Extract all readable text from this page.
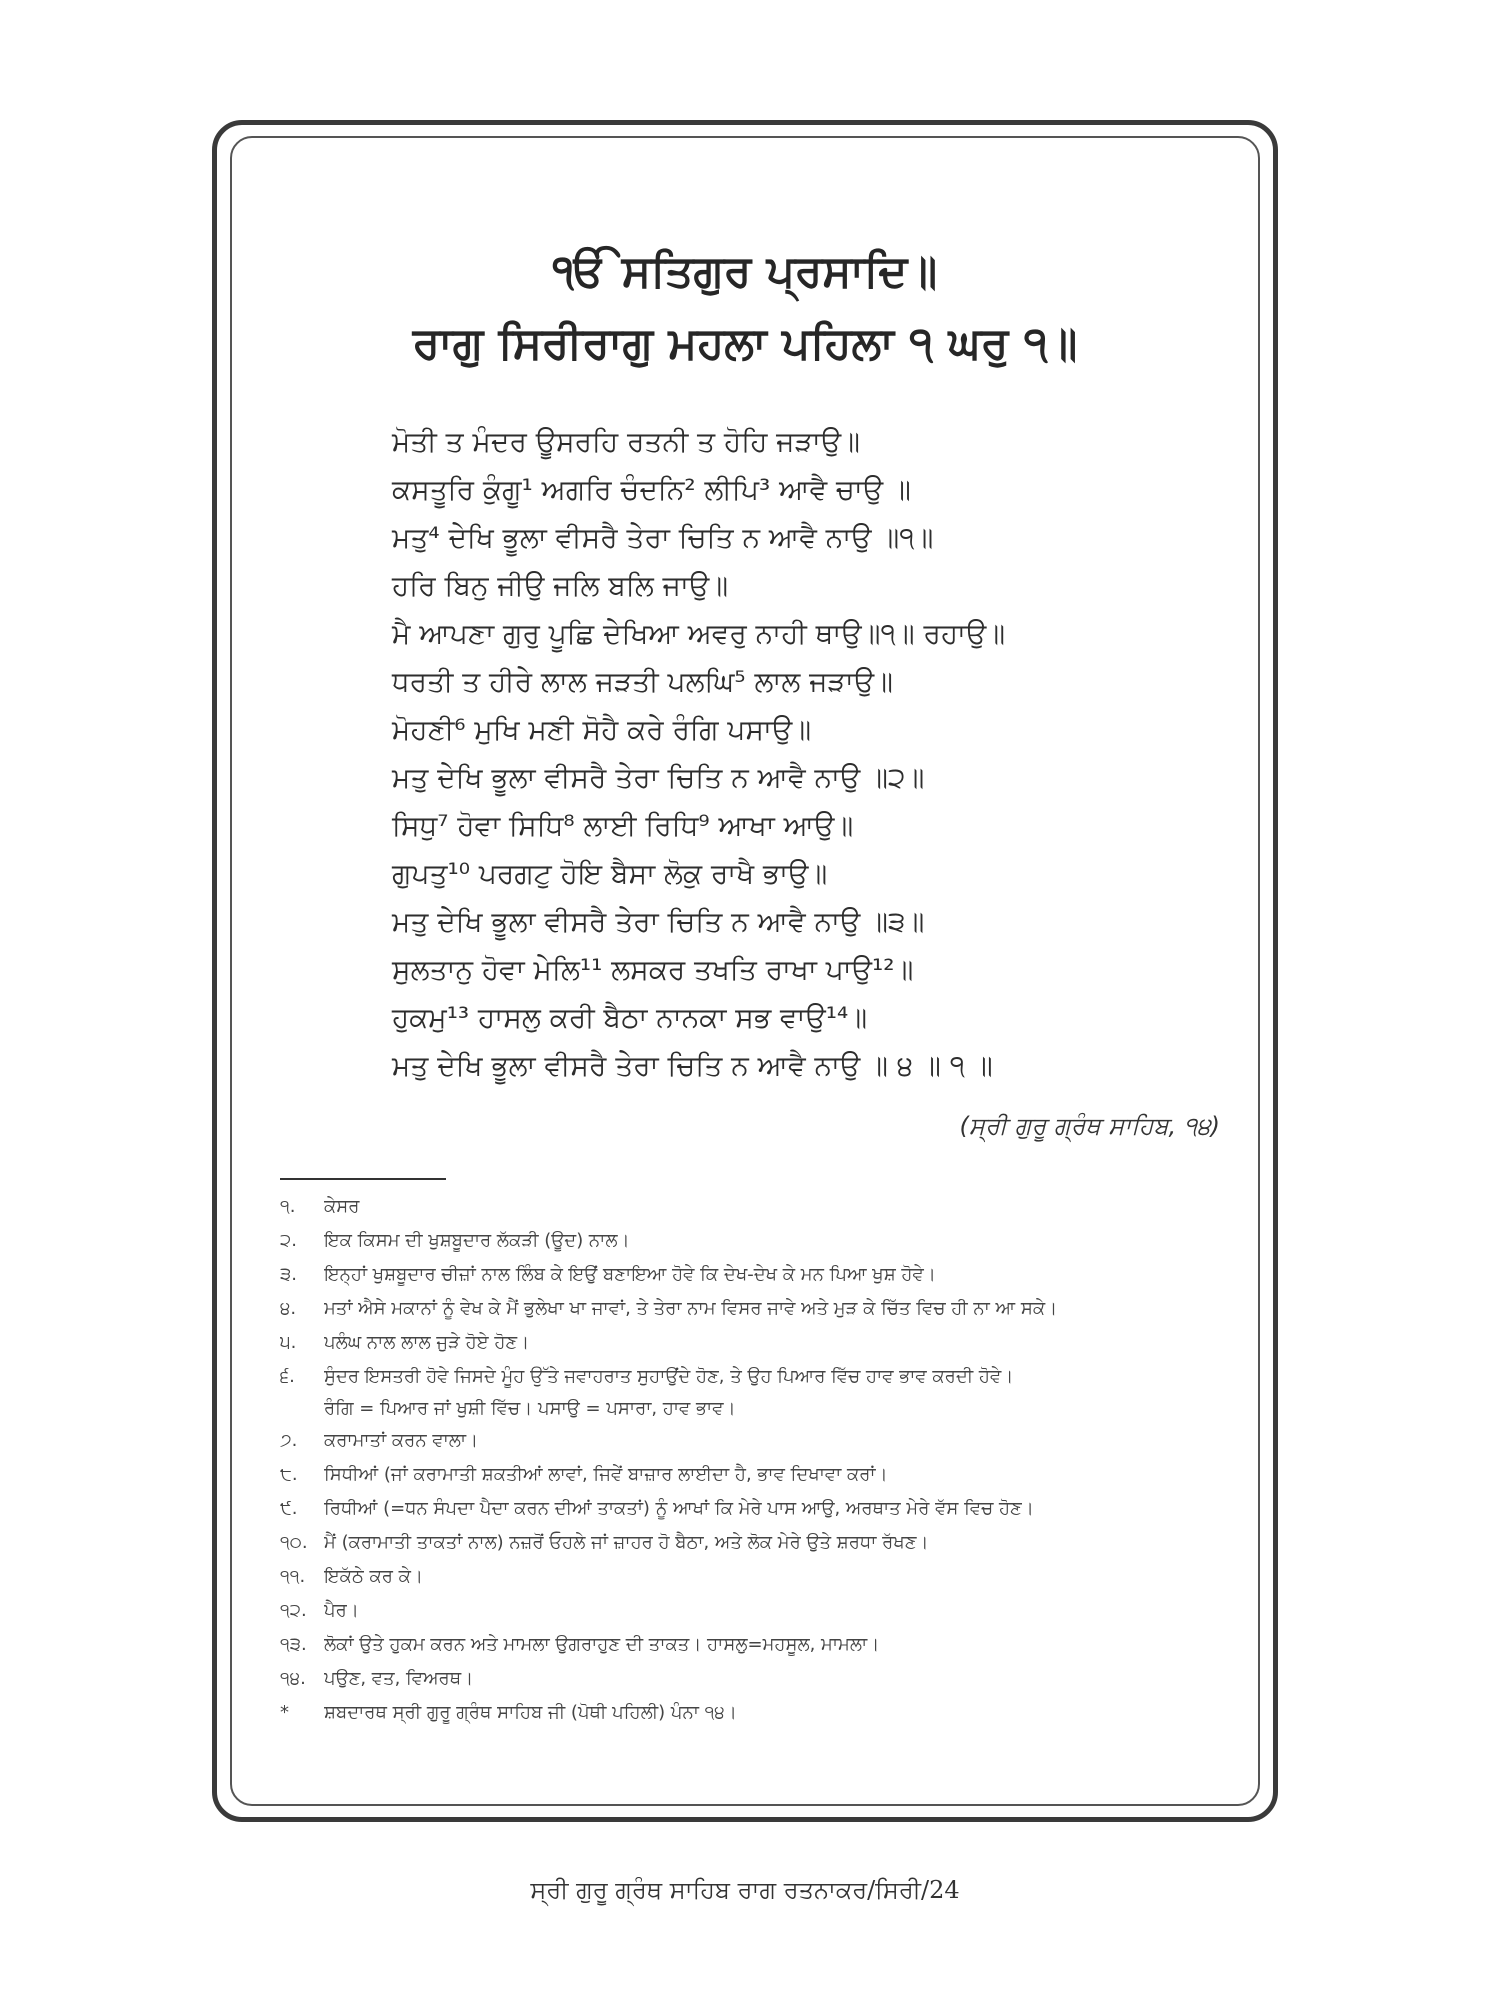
ੴ ਸਤਿਗੁਰ ਪ੍ਰਸਾਦਿ॥
ਰਾਗੁ ਸਿਰੀਰਾਗੁ ਮਹਲਾ ਪਹਿਲਾ ੧ ਘਰੁ ੧॥
ਮੋਤੀ ਤ ਮੰਦਰ ਊਸਰਹਿ ਰਤਨੀ ਤ ਹੋਹਿ ਜੜਾਉ॥
ਕਸਤੂਰਿ ਕੁੰਗੂ¹ ਅਗਰਿ ਚੰਦਨਿ² ਲੀਪਿ³ ਆਵੈ ਚਾਉ ॥
ਮਤੁ⁴ ਦੇਖਿ ਭੂਲਾ ਵੀਸਰੈ ਤੇਰਾ ਚਿਤਿ ਨ ਆਵੈ ਨਾਉ ॥੧॥
ਹਰਿ ਬਿਨੁ ਜੀਉ ਜਲਿ ਬਲਿ ਜਾਉ॥
ਮੈ ਆਪਣਾ ਗੁਰੁ ਪੂਛਿ ਦੇਖਿਆ ਅਵਰੁ ਨਾਹੀ ਥਾਉ॥੧॥ ਰਹਾਉ॥
ਧਰਤੀ ਤ ਹੀਰੇ ਲਾਲ ਜੜਤੀ ਪਲਘਿ⁵ ਲਾਲ ਜੜਾਉ॥
ਮੋਹਣੀ⁶ ਮੁਖਿ ਮਣੀ ਸੋਹੈ ਕਰੇ ਰੰਗਿ ਪਸਾਉ॥
ਮਤੁ ਦੇਖਿ ਭੂਲਾ ਵੀਸਰੈ ਤੇਰਾ ਚਿਤਿ ਨ ਆਵੈ ਨਾਉ ॥੨॥
ਸਿਧੁ⁷ ਹੋਵਾ ਸਿਧਿ⁸ ਲਾਈ ਰਿਧਿ⁹ ਆਖਾ ਆਉ॥
ਗੁਪਤੁ¹⁰ ਪਰਗਟੁ ਹੋਇ ਬੈਸਾ ਲੋਕੁ ਰਾਖੈ ਭਾਉ॥
ਮਤੁ ਦੇਖਿ ਭੂਲਾ ਵੀਸਰੈ ਤੇਰਾ ਚਿਤਿ ਨ ਆਵੈ ਨਾਉ ॥੩॥
ਸੁਲਤਾਨੁ ਹੋਵਾ ਮੇਲਿ¹¹ ਲਸਕਰ ਤਖਤਿ ਰਾਖਾ ਪਾਉ¹²॥
ਹੁਕਮੁ¹³ ਹਾਸਲੁ ਕਰੀ ਬੈਠਾ ਨਾਨਕਾ ਸਭ ਵਾਉ¹⁴॥
ਮਤੁ ਦੇਖਿ ਭੂਲਾ ਵੀਸਰੈ ਤੇਰਾ ਚਿਤਿ ਨ ਆਵੈ ਨਾਉ ॥ ੪ ॥ ੧ ॥
(ਸ੍ਰੀ ਗੁਰੂ ਗ੍ਰੰਥ ਸਾਹਿਬ, ੧੪)
੧.	ਕੇਸਰ
੨.	ਇਕ ਕਿਸਮ ਦੀ ਖੁਸ਼ਬੂਦਾਰ ਲੱਕੜੀ (ਊਦ) ਨਾਲ।
੩.	ਇਨ੍ਹਾਂ ਖੁਸ਼ਬੂਦਾਰ ਚੀਜ਼ਾਂ ਨਾਲ ਲਿੰਬ ਕੇ ਇਉਂ ਬਣਾਇਆ ਹੋਵੇ ਕਿ ਦੇਖ-ਦੇਖ ਕੇ ਮਨ ਪਿਆ ਖੁਸ਼ ਹੋਵੇ।
੪.	ਮਤਾਂ ਐਸੇ ਮਕਾਨਾਂ ਨੂੰ ਵੇਖ ਕੇ ਮੈਂ ਭੁਲੇਖਾ ਖਾ ਜਾਵਾਂ, ਤੇ ਤੇਰਾ ਨਾਮ ਵਿਸਰ ਜਾਵੇ ਅਤੇ ਮੁੜ ਕੇ ਚਿੱਤ ਵਿਚ ਹੀ ਨਾ ਆ ਸਕੇ।
੫.	ਪਲੰਘ ਨਾਲ ਲਾਲ ਜੁੜੇ ਹੋਏ ਹੋਣ।
੬.	ਸੁੰਦਰ ਇਸਤਰੀ ਹੋਵੇ ਜਿਸਦੇ ਮੂੰਹ ਉੱਤੇ ਜਵਾਹਰਾਤ ਸੁਹਾਉਂਦੇ ਹੋਣ, ਤੇ ਉਹ ਪਿਆਰ ਵਿੱਚ ਹਾਵ ਭਾਵ ਕਰਦੀ ਹੋਵੇ।
ਰੰਗਿ = ਪਿਆਰ ਜਾਂ ਖੁਸ਼ੀ ਵਿੱਚ। ਪਸਾਉ = ਪਸਾਰਾ, ਹਾਵ ਭਾਵ।
੭.	ਕਰਾਮਾਤਾਂ ਕਰਨ ਵਾਲਾ।
੮.	ਸਿਧੀਆਂ (ਜਾਂ ਕਰਾਮਾਤੀ ਸ਼ਕਤੀਆਂ ਲਾਵਾਂ, ਜਿਵੇਂ ਬਾਜ਼ਾਰ ਲਾਈਦਾ ਹੈ, ਭਾਵ ਦਿਖਾਵਾ ਕਰਾਂ।
੯.	ਰਿਧੀਆਂ (=ਧਨ ਸੰਪਦਾ ਪੈਦਾ ਕਰਨ ਦੀਆਂ ਤਾਕਤਾਂ) ਨੂੰ ਆਖਾਂ ਕਿ ਮੇਰੇ ਪਾਸ ਆਉ, ਅਰਥਾਤ ਮੇਰੇ ਵੱਸ ਵਿਚ ਹੋਣ।
੧੦. ਮੈਂ (ਕਰਾਮਾਤੀ ਤਾਕਤਾਂ ਨਾਲ) ਨਜ਼ਰੋਂ ਓਹਲੇ ਜਾਂ ਜ਼ਾਹਰ ਹੋ ਬੈਠਾ, ਅਤੇ ਲੋਕ ਮੇਰੇ ਉਤੇ ਸ਼ਰਧਾ ਰੱਖਣ।
੧੧.	ਇਕੱਠੇ ਕਰ ਕੇ।
੧੨. ਪੈਰ।
੧੩. ਲੋਕਾਂ ਉਤੇ ਹੁਕਮ ਕਰਨ ਅਤੇ ਮਾਮਲਾ ਉਗਰਾਹੁਣ ਦੀ ਤਾਕਤ। ਹਾਸਲੁ=ਮਹਸੂਲ, ਮਾਮਲਾ।
੧੪.	ਪਉਣ, ਵਤ, ਵਿਅਰਥ।
*	ਸ਼ਬਦਾਰਥ ਸ੍ਰੀ ਗੁਰੂ ਗ੍ਰੰਥ ਸਾਹਿਬ ਜੀ (ਪੋਥੀ ਪਹਿਲੀ) ਪੰਨਾ ੧੪।
ਸ੍ਰੀ ਗੁਰੂ ਗ੍ਰੰਥ ਸਾਹਿਬ ਰਾਗ ਰਤਨਾਕਰ/ਸਿਰੀ/24
